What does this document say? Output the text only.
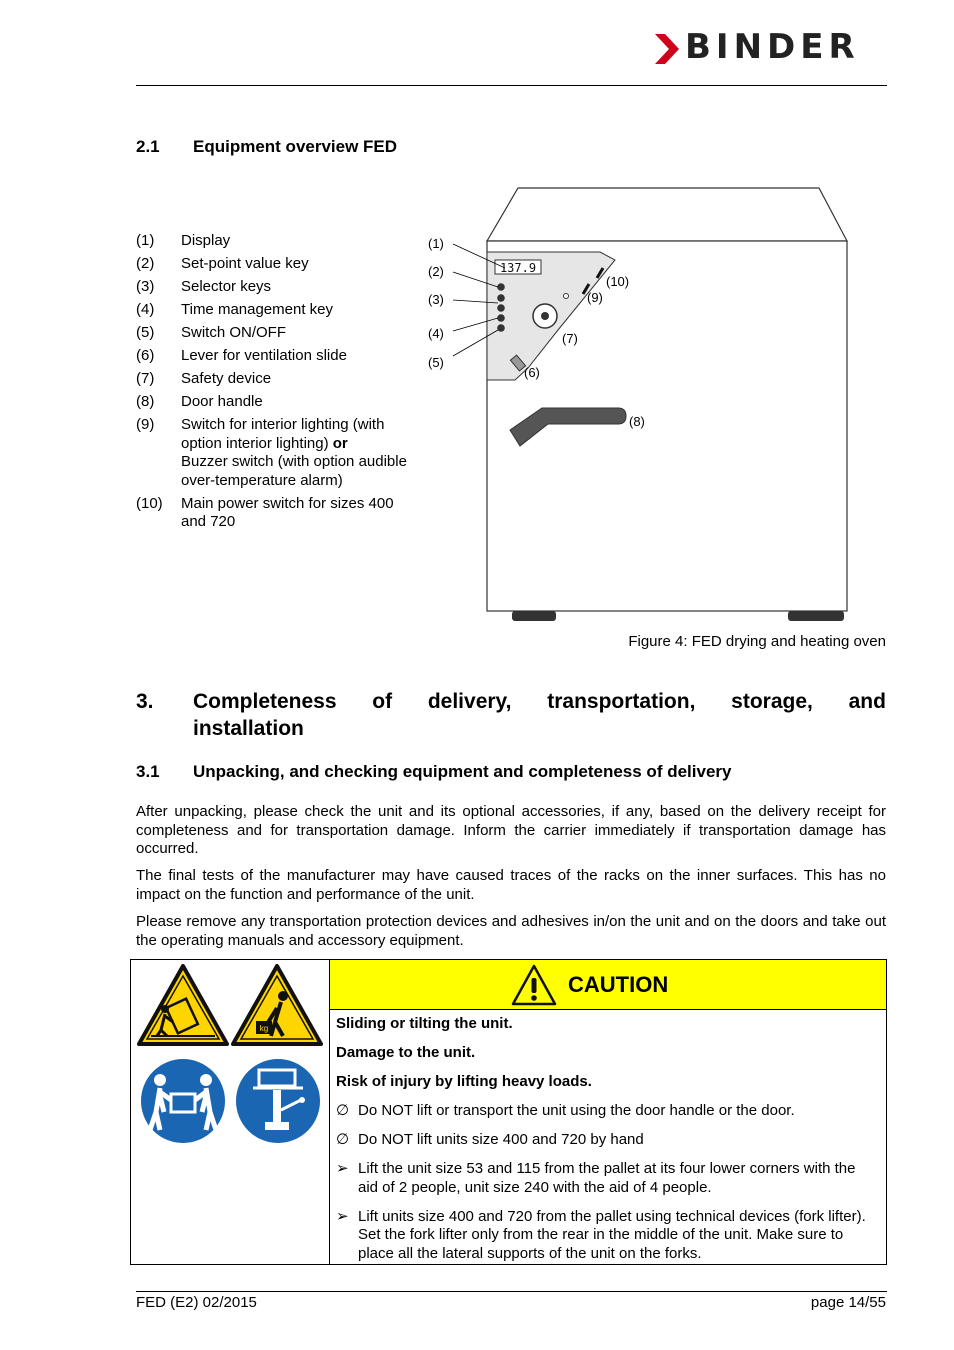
BINDER
2.1 Equipment overview FED
(1)	Display
(2)	Set-point value key
(3)	Selector keys
(4)	Time management key
(5)	Switch ON/OFF
(6)	Lever for ventilation slide
(7)	Safety device
(8)	Door handle
(9)	Switch for interior lighting (with option interior lighting) or
Buzzer switch (with option audible over-temperature alarm)
(10)	Main power switch for sizes 400 and 720
137.9
(1)
(2)
(3)
(4)
(5)
(6)
(7)
(8)
(9)
(10)
Figure 4: FED drying and heating oven
3. Completeness of delivery, transportation, storage, and
installation
3.1 Unpacking, and checking equipment and completeness of delivery
After unpacking, please check the unit and its optional accessories, if any, based on the delivery receipt for completeness and for transportation damage. Inform the carrier immediately if transportation damage has occurred.
The final tests of the manufacturer may have caused traces of the racks on the inner surfaces. This has no impact on the function and performance of the unit.
Please remove any transportation protection devices and adhesives in/on the unit and on the doors and take out the operating manuals and accessory equipment.
kg
CAUTION
Sliding or tilting the unit.
Damage to the unit.
Risk of injury by lifting heavy loads.
∅ Do NOT lift or transport the unit using the door handle or the door.
∅ Do NOT lift units size 400 and 720 by hand
➢ Lift the unit size 53 and 115 from the pallet at its four lower corners with the aid of 2 people, unit size 240 with the aid of 4 people.
➢ Lift units size 400 and 720 from the pallet using technical devices (fork lifter). Set the fork lifter only from the rear in the middle of the unit. Make sure to place all the lateral supports of the unit on the forks.
FED (E2) 02/2015	page 14/55
